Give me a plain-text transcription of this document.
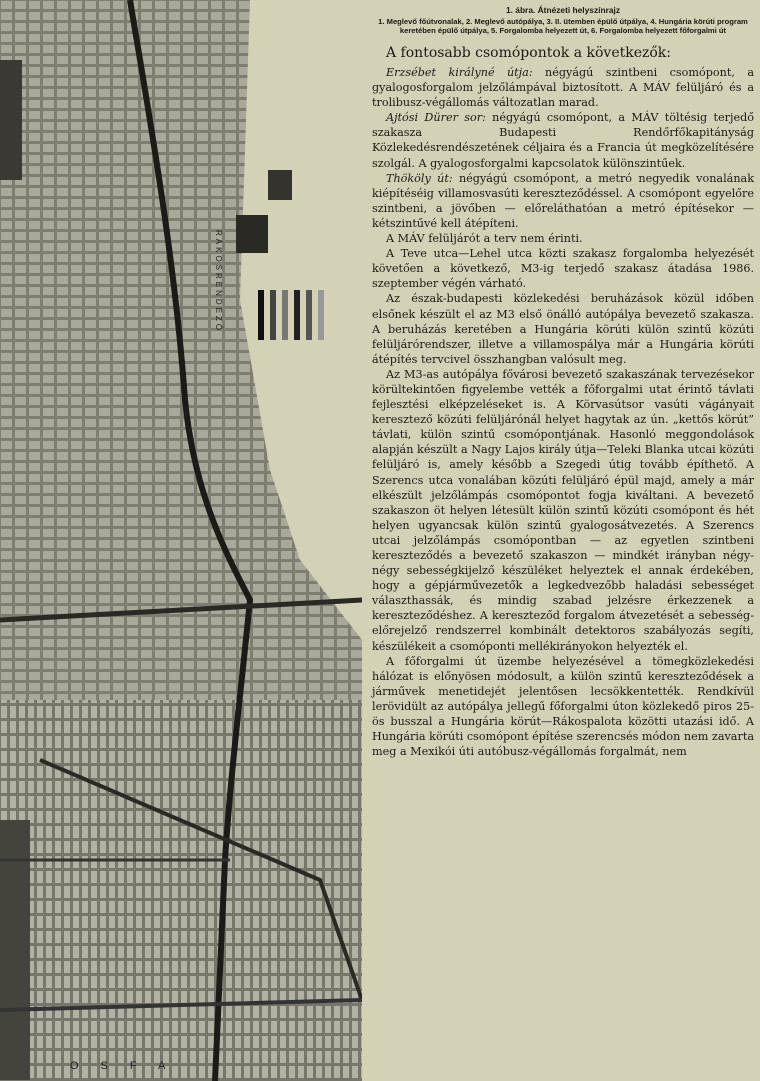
RÁKOSRENDEZŐ
OSFA
1. ábra. Átnézeti helyszínrajz
1. Meglevő főútvonalak, 2. Meglevő autópálya, 3. II. ütemben épülő útpálya, 4. Hungária körúti program keretében épülő útpálya, 5. Forgalomba helyezett út, 6. Forgalomba helyezett főforgalmi út
A fontosabb csomópontok a következők:

Erzsébet királyné útja: négyágú szintbeni csomópont, a gyalogosforgalom jelzőlámpával biztosított. A MÁV felüljáró és a trolibusz-végállomás változatlan marad.

Ajtósi Dürer sor: négyágú csomópont, a MÁV töltésig terjedő szakasza Budapesti Rendőrfőkapitányság Közlekedésrendészetének céljaira és a Francia út megközelítésére szolgál. A gyalogosforgalmi kapcsolatok különszintűek.

Thököly út: négyágú csomópont, a metró negyedik vonalának kiépítéséig villamosvasúti kereszteződéssel. A csomópont egyelőre szintbeni, a jövőben — előreláthatóan a metró építésekor — kétszintűvé kell átépíteni.

A MÁV felüljárót a terv nem érinti.

A Teve utca—Lehel utca közti szakasz forgalomba helyezését követően a következő, M3-ig terjedő szakasz átadása 1986. szeptember végén várható.

Az észak-budapesti közlekedési beruházások közül időben elsőnek készült el az M3 első önálló autópálya bevezető szakasza. A beruházás keretében a Hungária körúti külön szintű közúti felüljárórendszer, illetve a villamospálya már a Hungária körúti átépítés tervcivel összhangban valósult meg.

Az M3-as autópálya fővárosi bevezető szakaszának tervezésekor körültekintően figyelembe vették a főforgalmi utat érintő távlati fejlesztési elképzeléseket is. A Körvasútsor vasúti vágányait keresztező közúti felüljárónál helyet hagytak az ún. „kettős körút” távlati, külön szintű csomópontjának. Hasonló meggondolások alapján készült a Nagy Lajos király útja—Teleki Blanka utcai közúti felüljáró is, amely később a Szegedi útig tovább építhető. A Szerencs utca vonalában közúti felüljáró épül majd, amely a már elkészült jelzőlámpás csomópontot fogja kiváltani. A bevezető szakaszon öt helyen létesült külön szintű közúti csomópont és hét helyen ugyancsak külön szintű gyalogosátvezetés. A Szerencs utcai jelzőlámpás csomópontban — az egyetlen szintbeni kereszteződés a bevezető szakaszon — mindkét irányban négy-négy sebességkijelző készüléket helyeztek el annak érdekében, hogy a gépjárművezetők a legkedvezőbb haladási sebességet választhassák, és mindig szabad jelzésre érkezzenek a kereszteződéshez. A kereszteződ forgalom átvezetését a sebesség-előrejelző rendszerrel kombinált detektoros szabályozás segíti, készülékeit a csomóponti mellékirányokon helyezték el.

A főforgalmi út üzembe helyezésével a tömegközlekedési hálózat is előnyösen módosult, a külön szintű kereszteződések a járművek menetidejét jelentősen lecsökkentették. Rendkívül lerövidült az autópálya jellegű főforgalmi úton közlekedő piros 25-ös busszal a Hungária körút—Rákospalota közötti utazási idő. A Hungária körúti csomópont építése szerencsés módon nem zavarta meg a Mexikói úti autóbusz-végállomás forgalmát, nem
